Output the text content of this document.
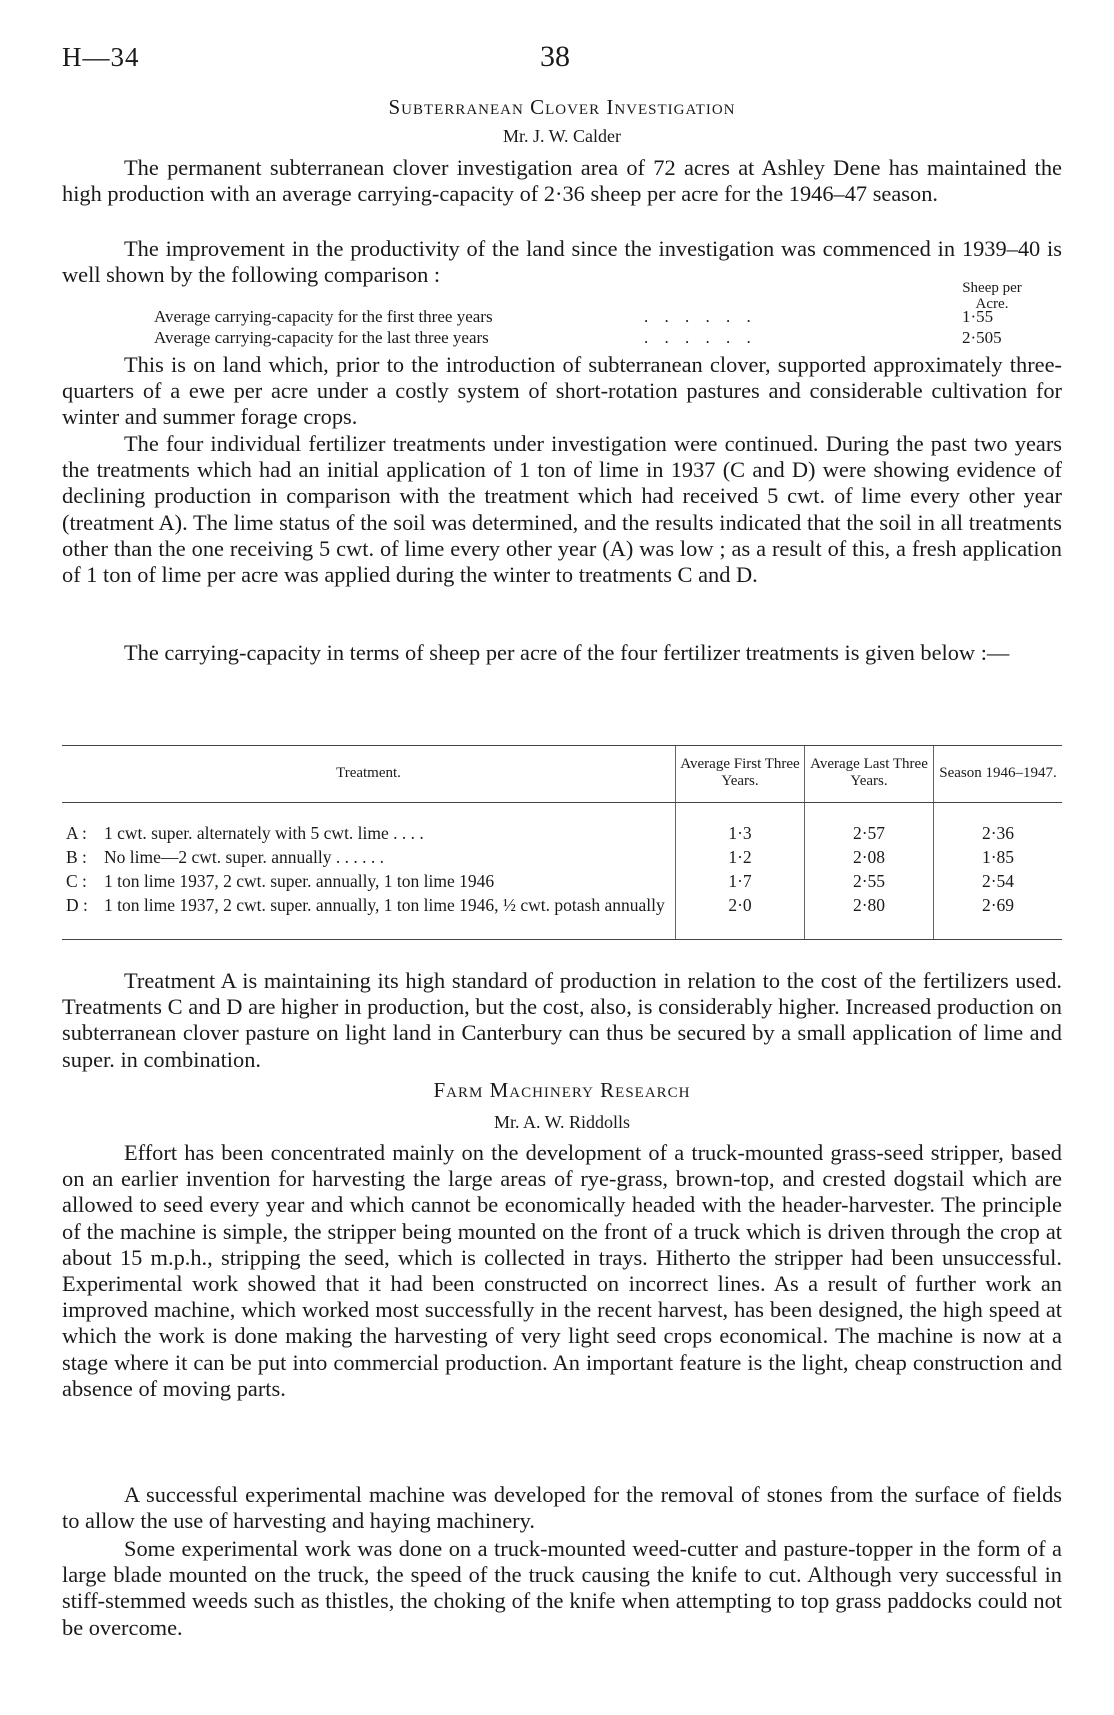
H—34	38
Subterranean Clover Investigation
Mr. J. W. Calder
The permanent subterranean clover investigation area of 72 acres at Ashley Dene has maintained the high production with an average carrying-capacity of 2·36 sheep per acre for the 1946–47 season.
The improvement in the productivity of the land since the investigation was commenced in 1939–40 is well shown by the following comparison :
Sheep per Acre.
Average carrying-capacity for the first three years	. . . . . .	1·55
Average carrying-capacity for the last three years	. . . . . .	2·505
This is on land which, prior to the introduction of subterranean clover, supported approximately three-quarters of a ewe per acre under a costly system of short-rotation pastures and considerable cultivation for winter and summer forage crops.
The four individual fertilizer treatments under investigation were continued. During the past two years the treatments which had an initial application of 1 ton of lime in 1937 (C and D) were showing evidence of declining production in comparison with the treatment which had received 5 cwt. of lime every other year (treatment A). The lime status of the soil was determined, and the results indicated that the soil in all treatments other than the one receiving 5 cwt. of lime every other year (A) was low ; as a result of this, a fresh application of 1 ton of lime per acre was applied during the winter to treatments C and D.
The carrying-capacity in terms of sheep per acre of the four fertilizer treatments is given below :—
Treatment.		Average First Three Years.	Average Last Three Years.	Season 1946–1947.
A :	1 cwt. super. alternately with 5 cwt. lime . . . .	1·3	2·57	2·36
B :	No lime—2 cwt. super. annually . . . . . .	1·2	2·08	1·85
C :	1 ton lime 1937, 2 cwt. super. annually, 1 ton lime 1946	1·7	2·55	2·54
D :	1 ton lime 1937, 2 cwt. super. annually, 1 ton lime 1946, ½ cwt. potash annually	2·0	2·80	2·69
Treatment A is maintaining its high standard of production in relation to the cost of the fertilizers used. Treatments C and D are higher in production, but the cost, also, is considerably higher. Increased production on subterranean clover pasture on light land in Canterbury can thus be secured by a small application of lime and super. in combination.
Farm Machinery Research
Mr. A. W. Riddolls
Effort has been concentrated mainly on the development of a truck-mounted grass-seed stripper, based on an earlier invention for harvesting the large areas of rye-grass, brown-top, and crested dogstail which are allowed to seed every year and which cannot be economically headed with the header-harvester. The principle of the machine is simple, the stripper being mounted on the front of a truck which is driven through the crop at about 15 m.p.h., stripping the seed, which is collected in trays. Hitherto the stripper had been unsuccessful. Experimental work showed that it had been constructed on incorrect lines. As a result of further work an improved machine, which worked most successfully in the recent harvest, has been designed, the high speed at which the work is done making the harvesting of very light seed crops economical. The machine is now at a stage where it can be put into commercial production. An important feature is the light, cheap construction and absence of moving parts.
A successful experimental machine was developed for the removal of stones from the surface of fields to allow the use of harvesting and haying machinery.
Some experimental work was done on a truck-mounted weed-cutter and pasture-topper in the form of a large blade mounted on the truck, the speed of the truck causing the knife to cut. Although very successful in stiff-stemmed weeds such as thistles, the choking of the knife when attempting to top grass paddocks could not be overcome.
